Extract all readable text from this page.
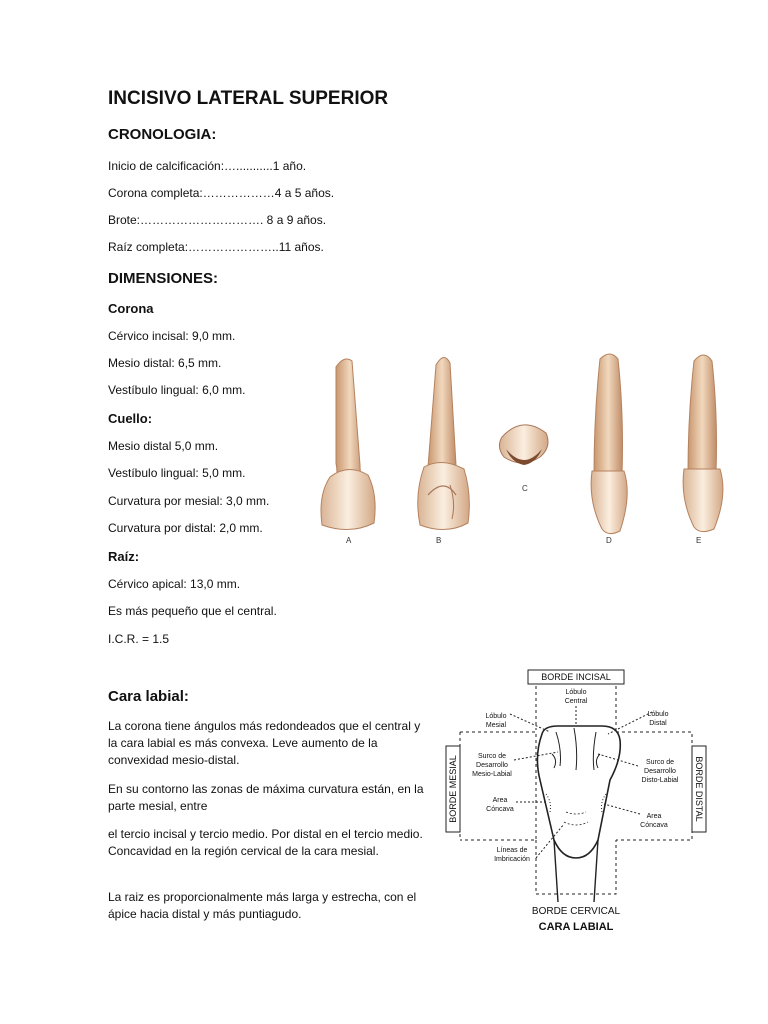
INCISIVO LATERAL SUPERIOR
CRONOLOGIA:
Inicio de calcificación:…...........1 año.
Corona completa:………………4 a 5 años.
Brote:…………………………. 8 a 9 años.
Raíz completa:…………………..11 años.
DIMENSIONES:
Corona
Cérvico incisal: 9,0 mm.
Mesio distal: 6,5 mm.
Vestíbulo lingual: 6,0 mm.
Cuello:
Mesio distal 5,0 mm.
Vestíbulo lingual: 5,0 mm.
Curvatura por mesial: 3,0 mm.
Curvatura por distal: 2,0 mm.
Raíz:
Cérvico apical: 13,0 mm.
Es más pequeño que el central.
I.C.R. = 1.5
A	B
C
D	E
Cara labial:
La corona tiene ángulos más redondeados que el central y la cara labial es más convexa. Leve aumento de la convexidad mesio-distal.
En su contorno las zonas de máxima curvatura están, en la parte mesial, entre
el tercio incisal y tercio medio. Por distal en el tercio medio. Concavidad en la región cervical de la cara mesial.
La raiz es proporcionalmente más larga y estrecha, con el ápice hacia distal y más puntiagudo.
BORDE INCISAL
BORDE MESIAL	BORDE DISTAL
Lóbulo
Central
Lóbulo
Mesial
Lóbulo
Distal
Surco de
Desarrollo
Mesio-Labial
Surco de
Desarrollo
Disto-Labial
Area
Cóncava
Area
Cóncava
Líneas de
Imbricación
BORDE CERVICAL
CARA LABIAL
